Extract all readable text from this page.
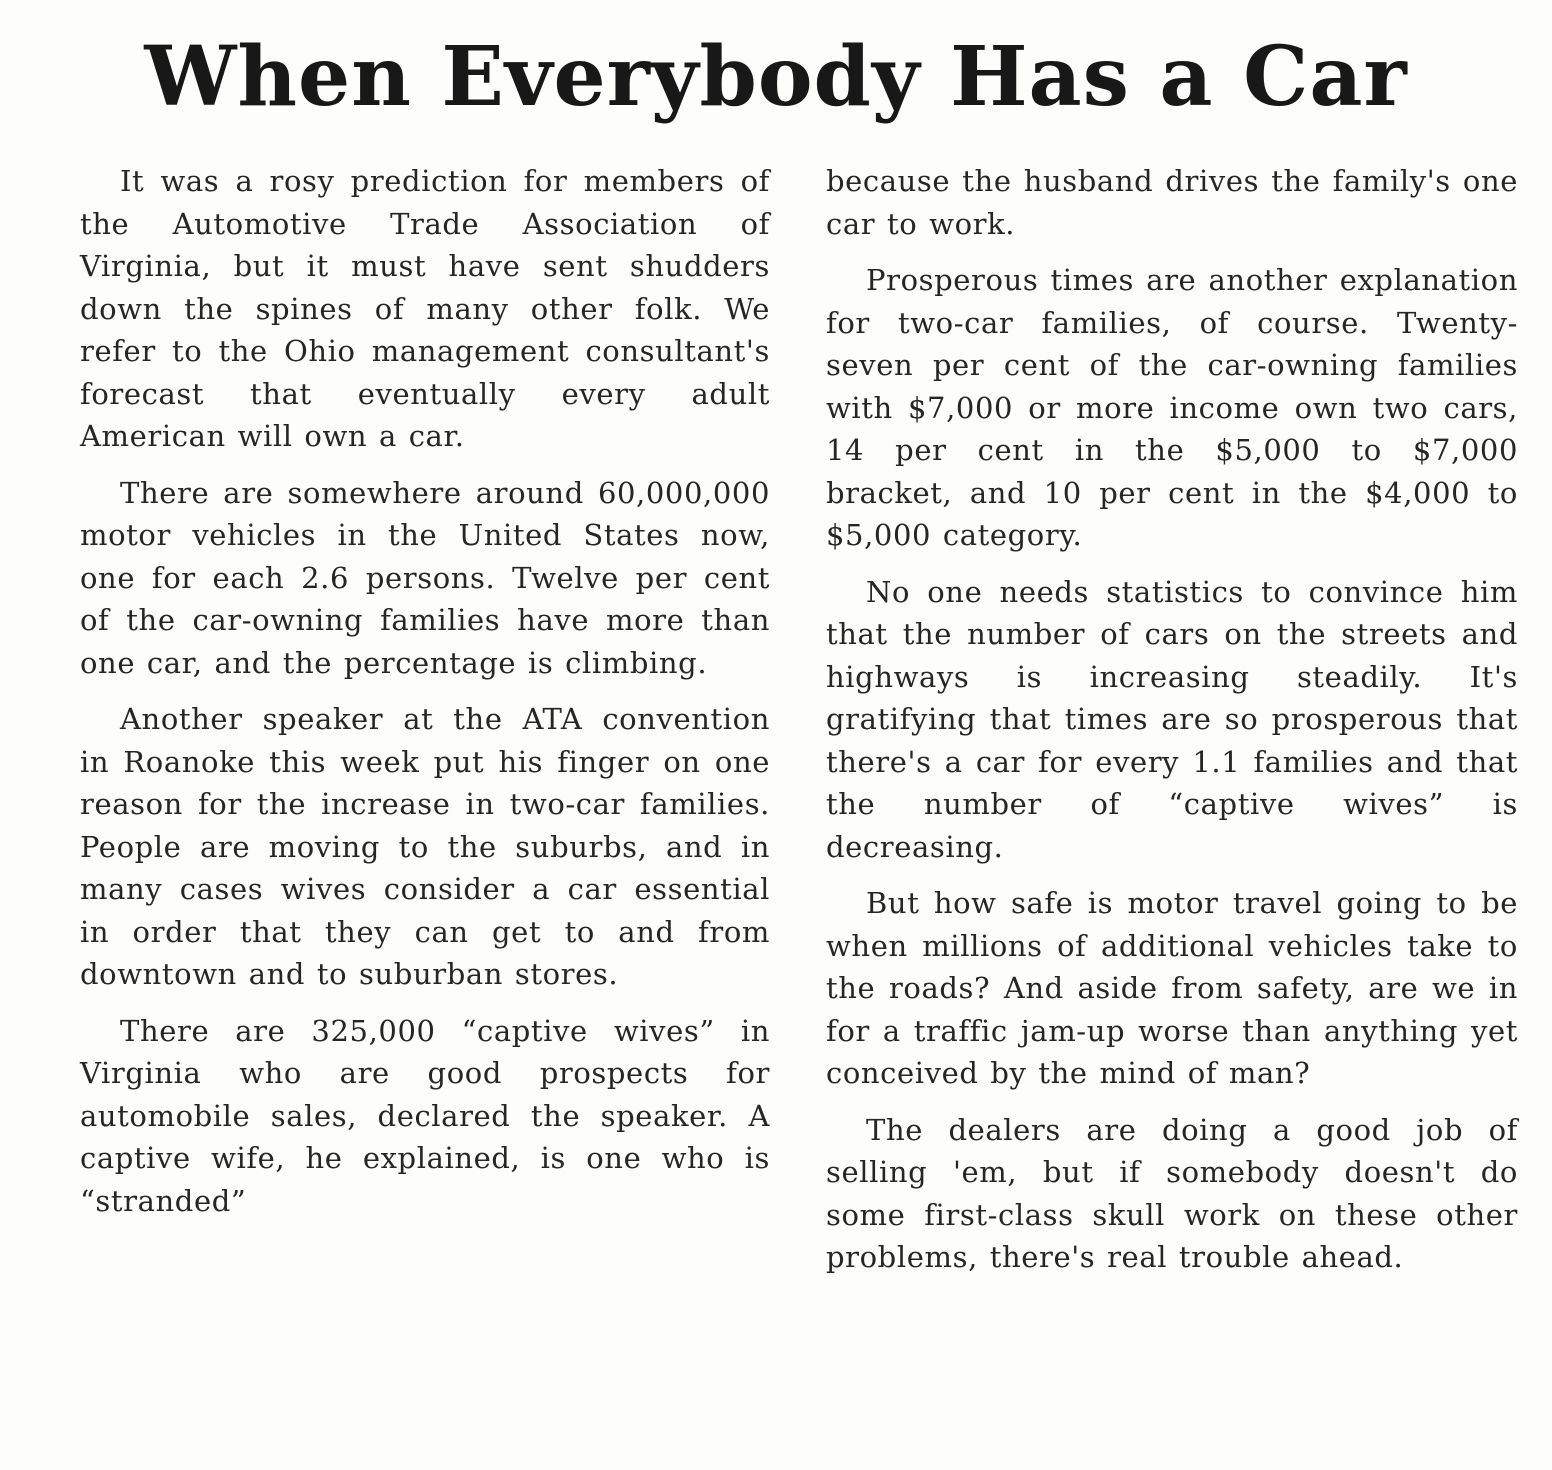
When Everybody Has a Car

It was a rosy prediction for members of the Automotive Trade Association of Virginia, but it must have sent shudders down the spines of many other folk. We refer to the Ohio management consultant's forecast that eventually every adult American will own a car.

There are somewhere around 60,000,000 motor vehicles in the United States now, one for each 2.6 persons. Twelve per cent of the car-owning families have more than one car, and the percentage is climbing.

Another speaker at the ATA convention in Roanoke this week put his finger on one reason for the increase in two-car families. People are moving to the suburbs, and in many cases wives consider a car essential in order that they can get to and from downtown and to suburban stores.

There are 325,000 “captive wives” in Virginia who are good prospects for automobile sales, declared the speaker. A captive wife, he explained, is one who is “stranded”

because the husband drives the family's one car to work.

Prosperous times are another explanation for two-car families, of course. Twenty-seven per cent of the car-owning families with $7,000 or more income own two cars, 14 per cent in the $5,000 to $7,000 bracket, and 10 per cent in the $4,000 to $5,000 category.

No one needs statistics to convince him that the number of cars on the streets and highways is increasing steadily. It's gratifying that times are so prosperous that there's a car for every 1.1 families and that the number of “captive wives” is decreasing.

But how safe is motor travel going to be when millions of additional vehicles take to the roads? And aside from safety, are we in for a traffic jam-up worse than anything yet conceived by the mind of man?

The dealers are doing a good job of selling 'em, but if somebody doesn't do some first-class skull work on these other problems, there's real trouble ahead.
